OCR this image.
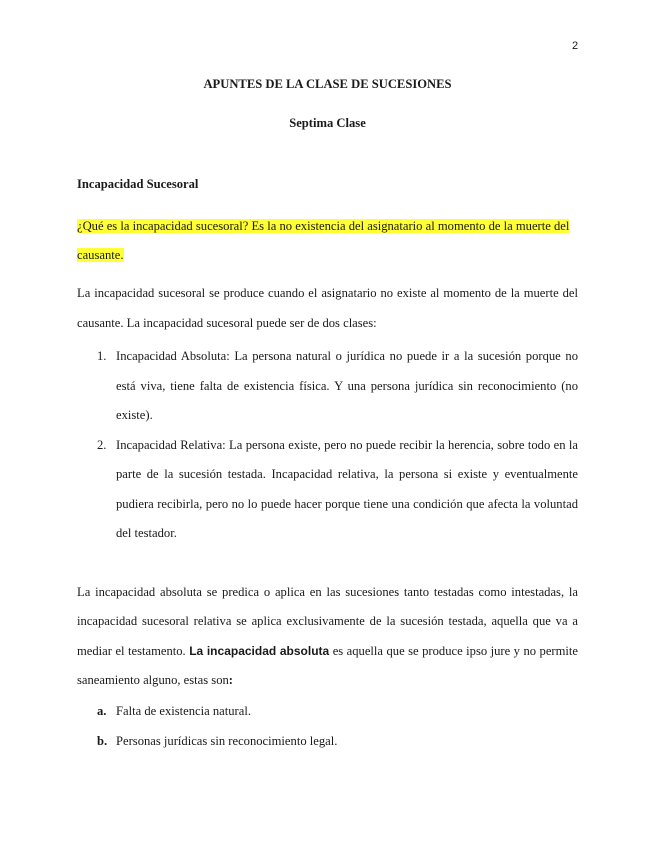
2

APUNTES DE LA CLASE DE SUCESIONES

Septima Clase

Incapacidad Sucesoral

¿Qué es la incapacidad sucesoral? Es la no existencia del asignatario al momento de la muerte del causante.

La incapacidad sucesoral se produce cuando el asignatario no existe al momento de la muerte del causante. La incapacidad sucesoral puede ser de dos clases:

1. Incapacidad Absoluta: La persona natural o jurídica no puede ir a la sucesión porque no está viva, tiene falta de existencia física. Y una persona jurídica sin reconocimiento (no existe).
2. Incapacidad Relativa: La persona existe, pero no puede recibir la herencia, sobre todo en la parte de la sucesión testada. Incapacidad relativa, la persona si existe y eventualmente pudiera recibirla, pero no lo puede hacer porque tiene una condición que afecta la voluntad del testador.

La incapacidad absoluta se predica o aplica en las sucesiones tanto testadas como intestadas, la incapacidad sucesoral relativa se aplica exclusivamente de la sucesión testada, aquella que va a mediar el testamento. La incapacidad absoluta es aquella que se produce ipso jure y no permite saneamiento alguno, estas son:

a. Falta de existencia natural.
b. Personas jurídicas sin reconocimiento legal.
